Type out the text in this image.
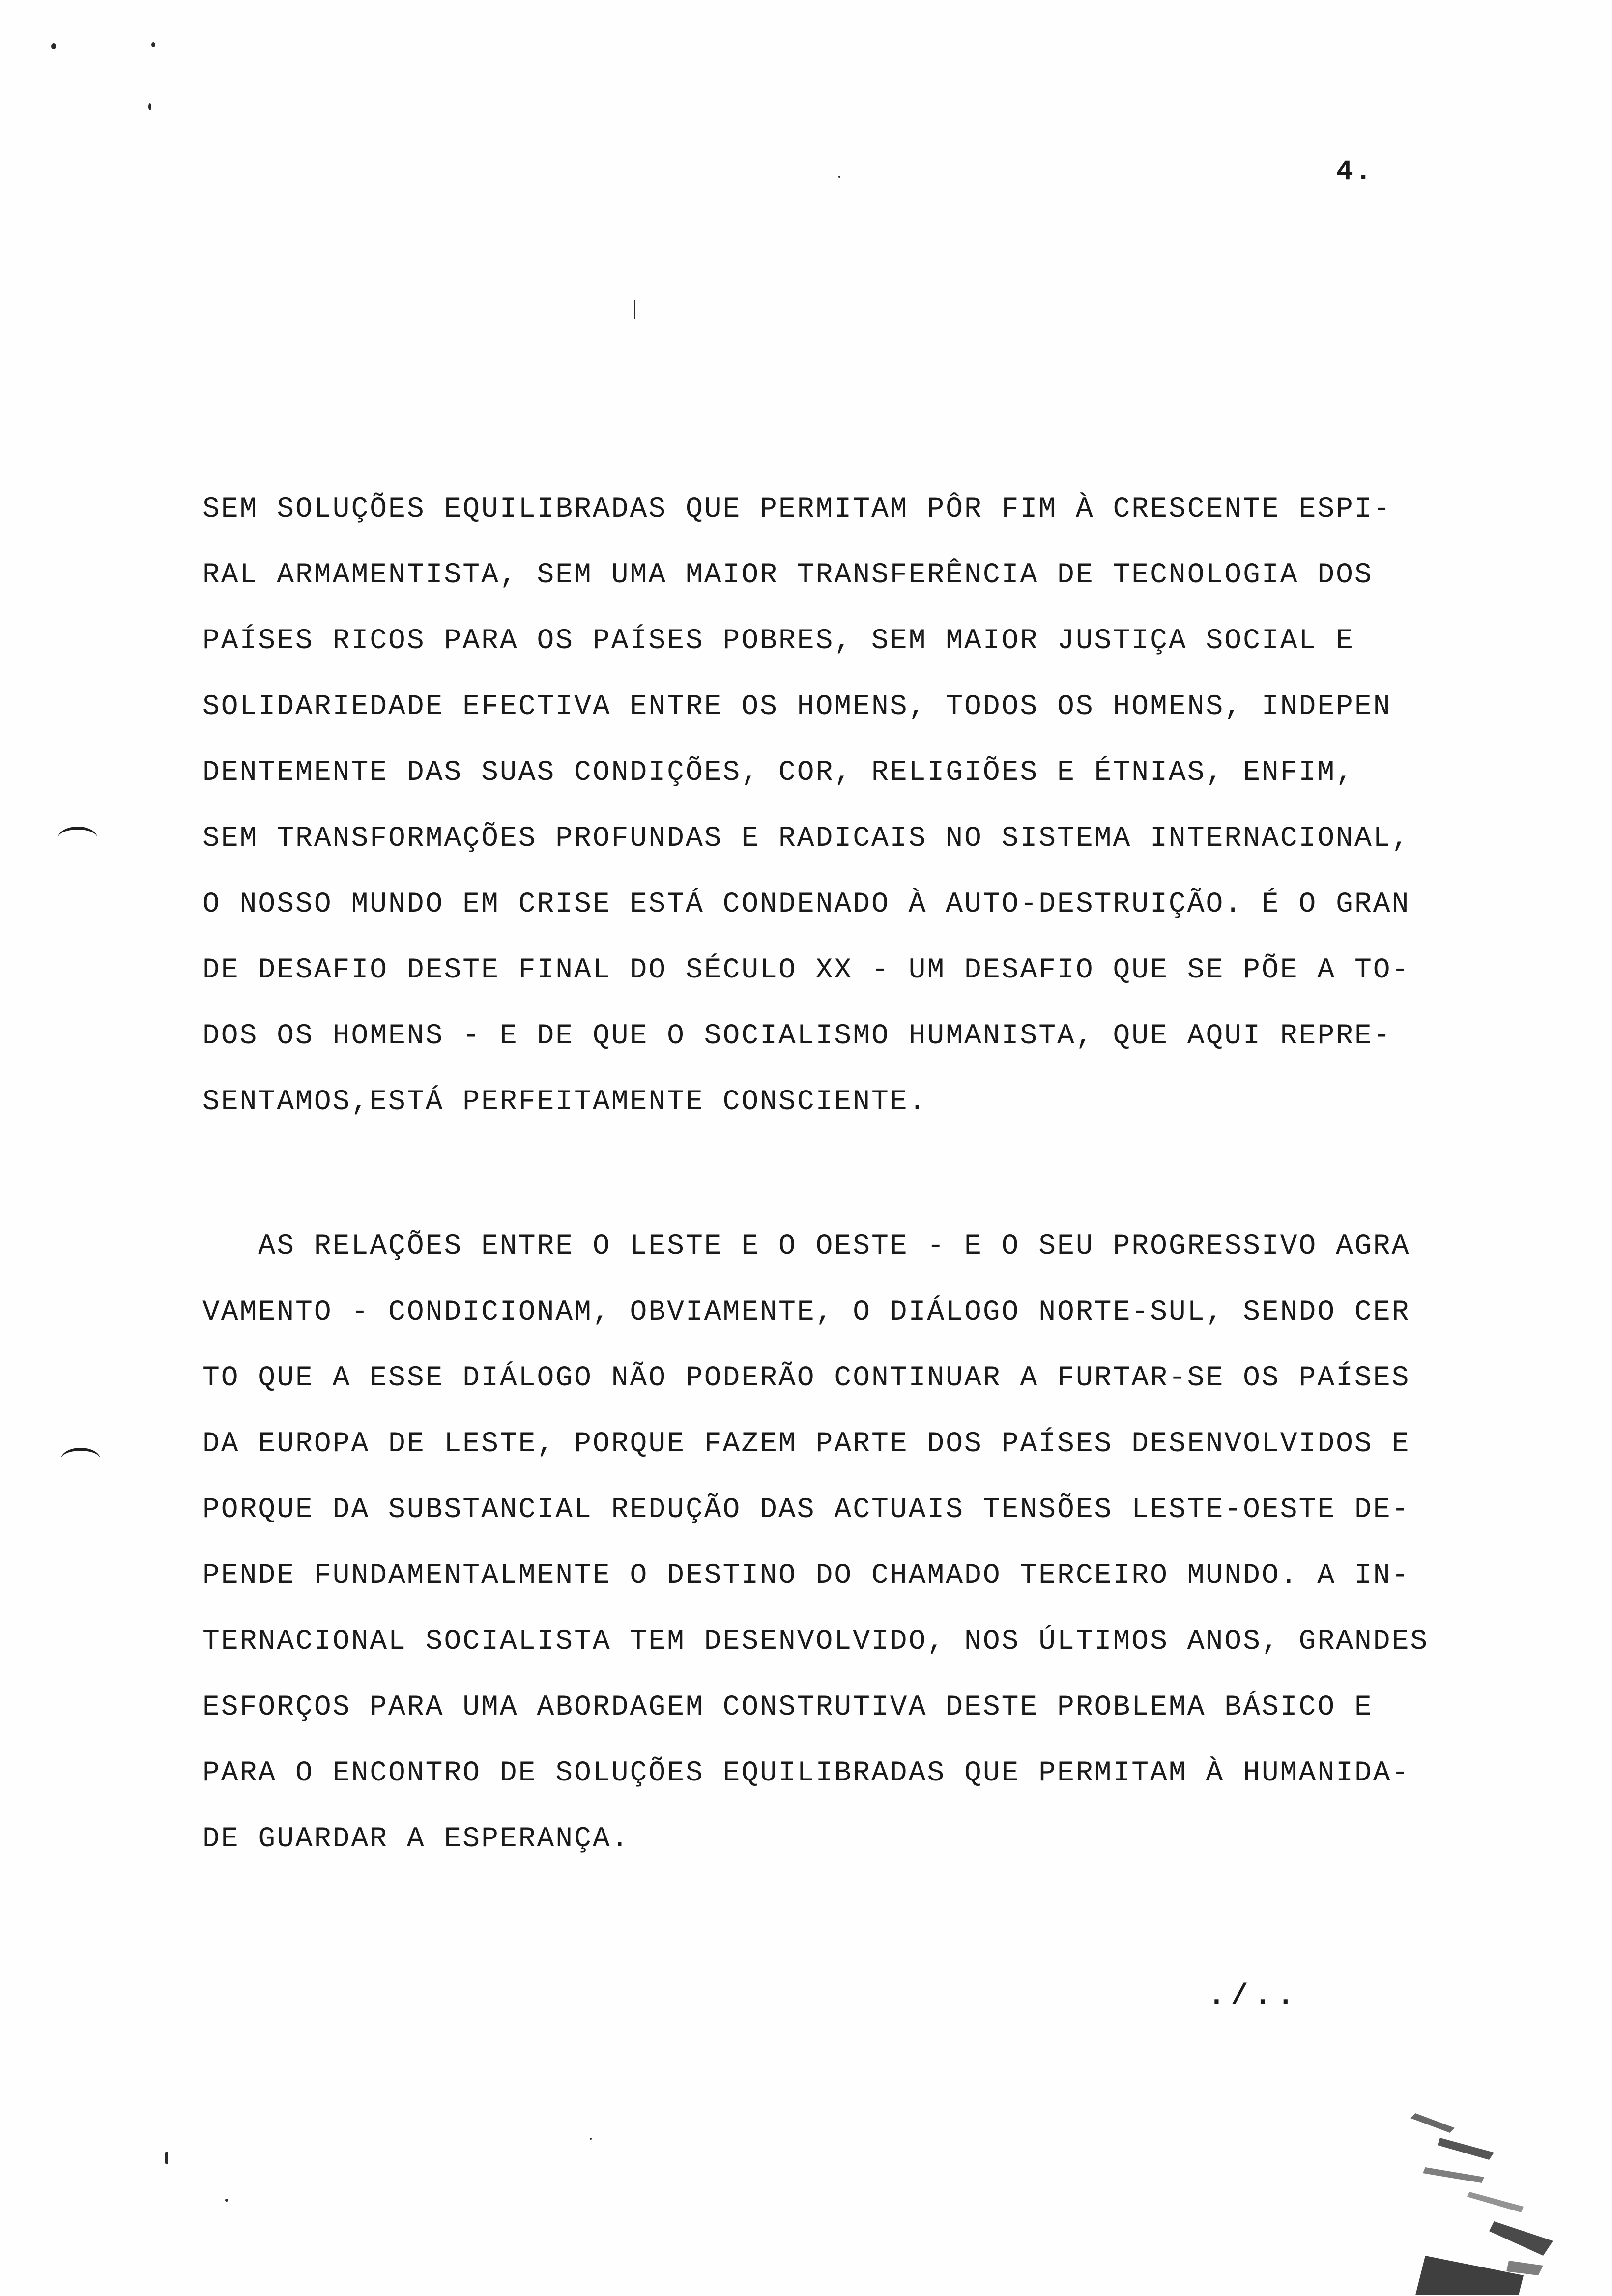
4.
SEM SOLUÇÕES EQUILIBRADAS QUE PERMITAM PÔR FIM À CRESCENTE ESPI-
RAL ARMAMENTISTA, SEM UMA MAIOR TRANSFERÊNCIA DE TECNOLOGIA DOS
PAÍSES RICOS PARA OS PAÍSES POBRES, SEM MAIOR JUSTIÇA SOCIAL E
SOLIDARIEDADE EFECTIVA ENTRE OS HOMENS, TODOS OS HOMENS, INDEPEN
DENTEMENTE DAS SUAS CONDIÇÕES, COR, RELIGIÕES E ÉTNIAS, ENFIM,
SEM TRANSFORMAÇÕES PROFUNDAS E RADICAIS NO SISTEMA INTERNACIONAL,
O NOSSO MUNDO EM CRISE ESTÁ CONDENADO À AUTO-DESTRUIÇÃO. É O GRAN
DE DESAFIO DESTE FINAL DO SÉCULO XX - UM DESAFIO QUE SE PÕE A TO-
DOS OS HOMENS - E DE QUE O SOCIALISMO HUMANISTA, QUE AQUI REPRE-
SENTAMOS,ESTÁ PERFEITAMENTE CONSCIENTE.
AS RELAÇÕES ENTRE O LESTE E O OESTE - E O SEU PROGRESSIVO AGRA
VAMENTO - CONDICIONAM, OBVIAMENTE, O DIÁLOGO NORTE-SUL, SENDO CER
TO QUE A ESSE DIÁLOGO NÃO PODERÃO CONTINUAR A FURTAR-SE OS PAÍSES
DA EUROPA DE LESTE, PORQUE FAZEM PARTE DOS PAÍSES DESENVOLVIDOS E
PORQUE DA SUBSTANCIAL REDUÇÃO DAS ACTUAIS TENSÕES LESTE-OESTE DE-
PENDE FUNDAMENTALMENTE O DESTINO DO CHAMADO TERCEIRO MUNDO. A IN-
TERNACIONAL SOCIALISTA TEM DESENVOLVIDO, NOS ÚLTIMOS ANOS, GRANDES
ESFORÇOS PARA UMA ABORDAGEM CONSTRUTIVA DESTE PROBLEMA BÁSICO E
PARA O ENCONTRO DE SOLUÇÕES EQUILIBRADAS QUE PERMITAM À HUMANIDA-
DE GUARDAR A ESPERANÇA.
./..
